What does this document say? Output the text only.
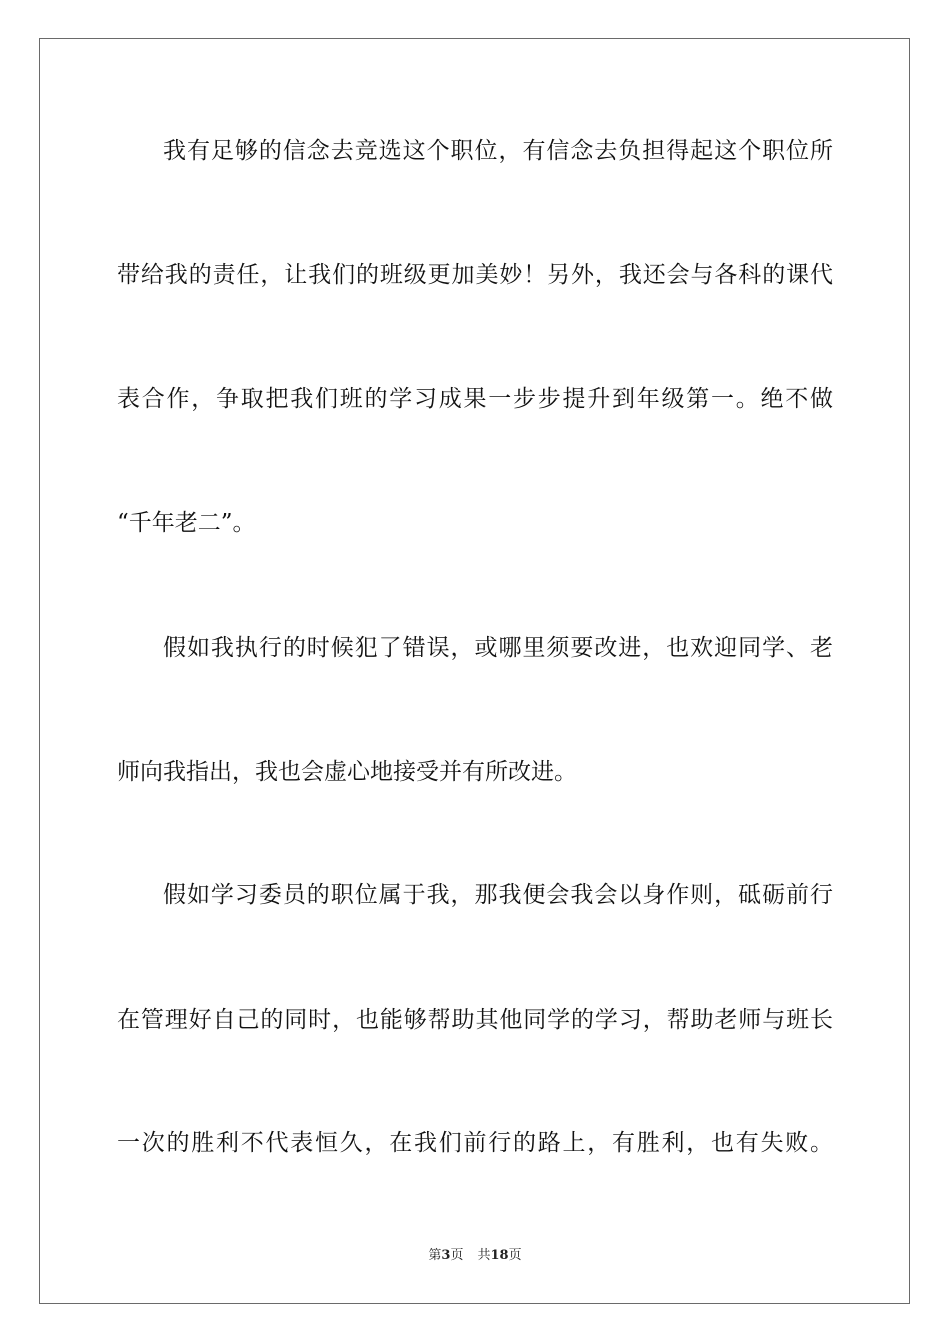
我有足够的信念去竞选这个职位，有信念去负担得起这个职位所
带给我的责任，让我们的班级更加美妙！另外，我还会与各科的课代
表合作，争取把我们班的学习成果一步步提升到年级第一。绝不做
“千年老二”。
假如我执行的时候犯了错误，或哪里须要改进，也欢迎同学、老
师向我指出，我也会虚心地接受并有所改进。
假如学习委员的职位属于我，那我便会我会以身作则，砥砺前行
在管理好自己的同时，也能够帮助其他同学的学习，帮助老师与班长
一次的胜利不代表恒久，在我们前行的路上，有胜利，也有失败。
第3页 共18页
